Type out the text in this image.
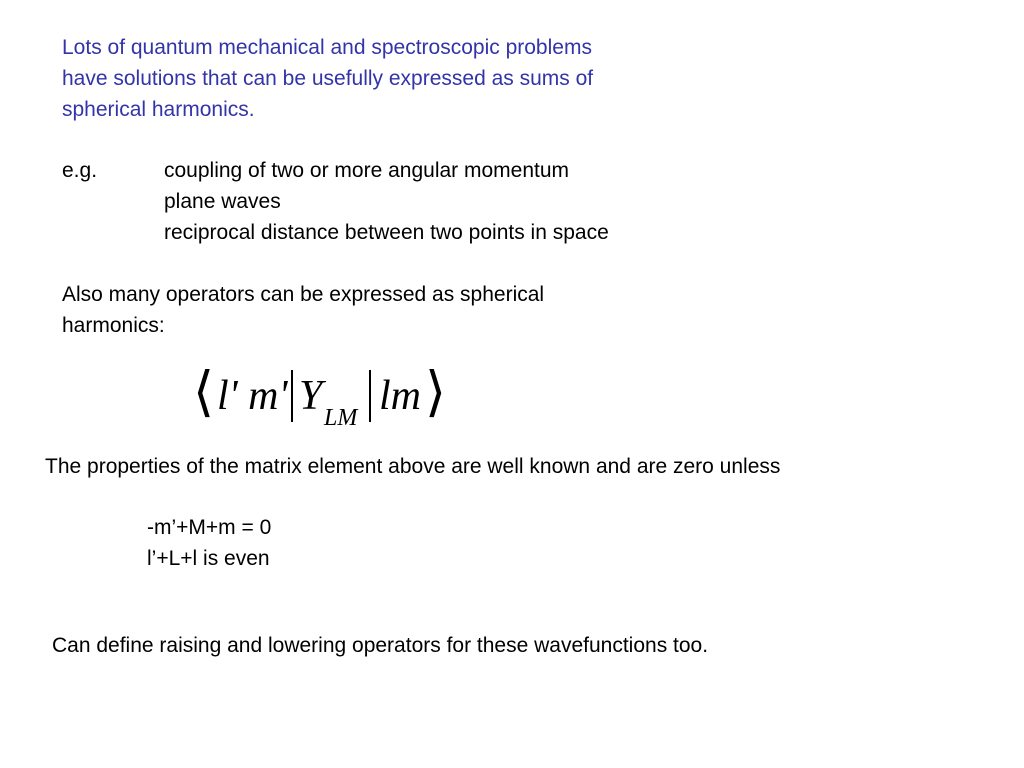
Lots of quantum mechanical and spectroscopic problems

have solutions that can be usefully expressed as sums of

spherical harmonics.

e.g.	coupling of two or more angular momentum

plane waves

reciprocal distance between two points in space

Also many operators can be expressed as spherical

harmonics:

⟨ l' m' Y LM lm ⟩

The properties of the matrix element above are well known and are zero unless

-m’+M+m = 0

l’+L+l is even

Can define raising and lowering operators for these wavefunctions too.
